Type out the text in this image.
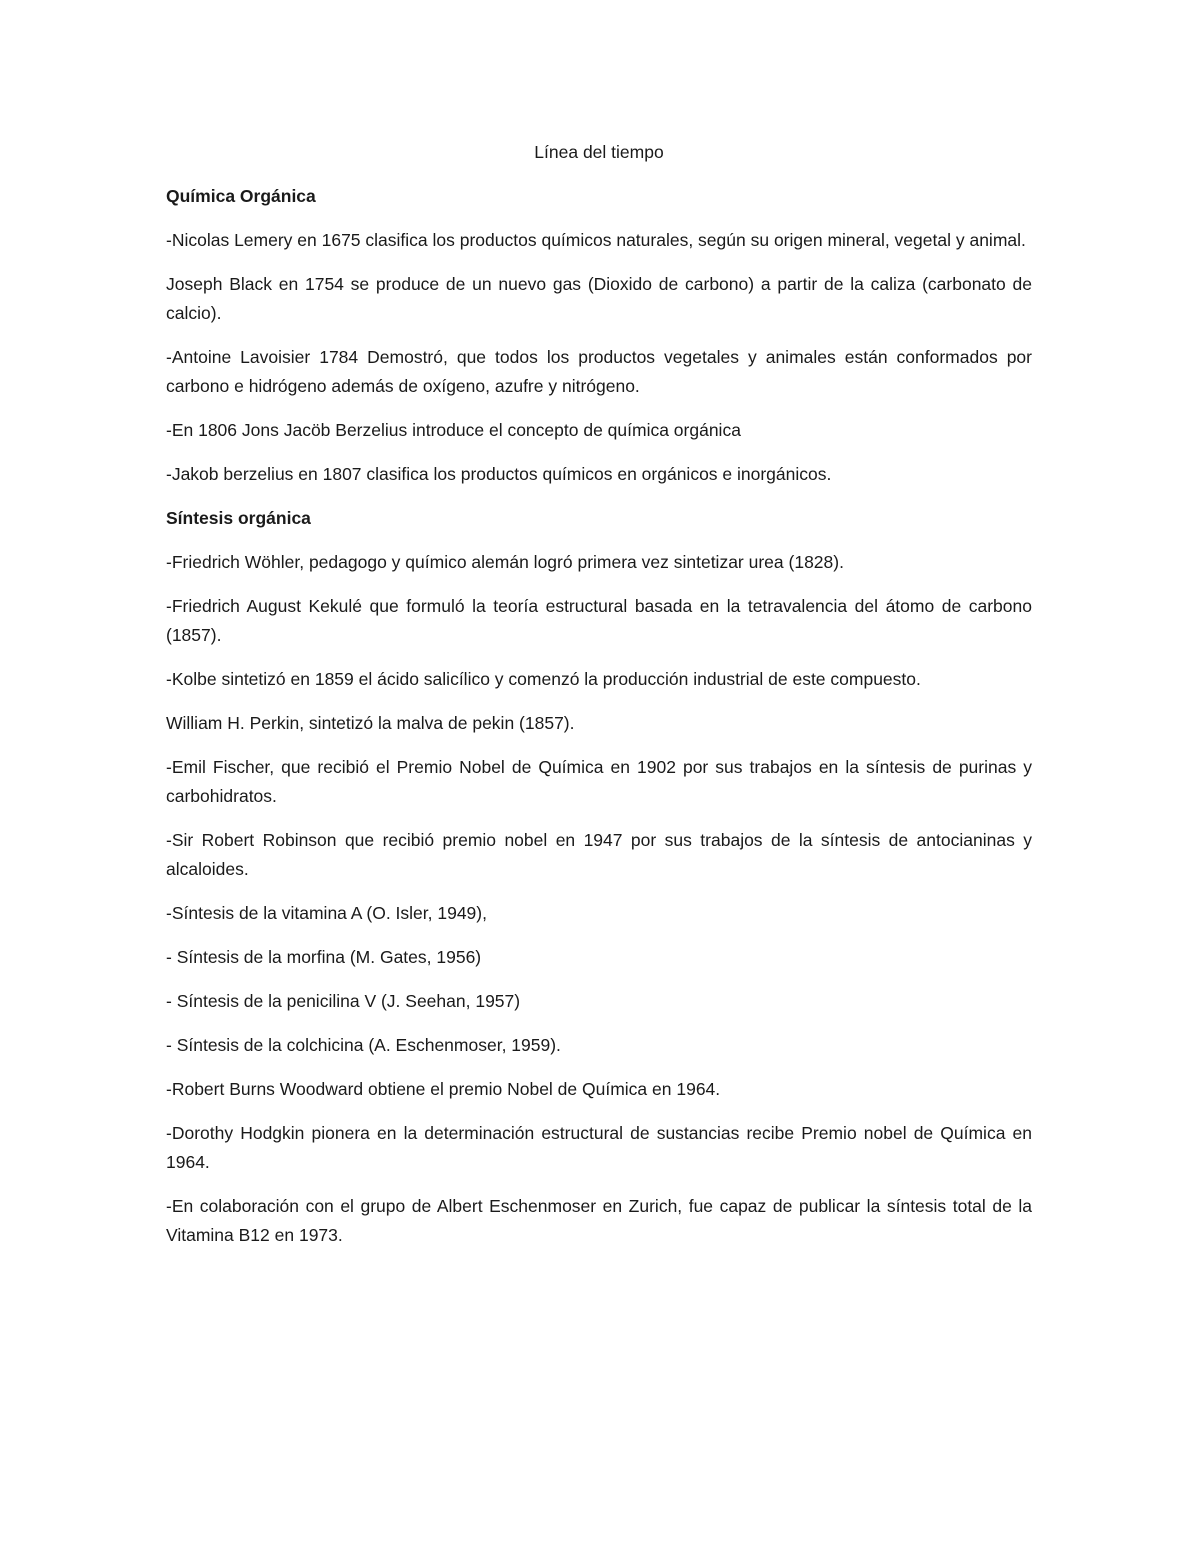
Línea del tiempo

Química Orgánica

-Nicolas Lemery en 1675 clasifica los productos químicos naturales, según su origen mineral, vegetal y animal.

Joseph Black en 1754 se produce de un nuevo gas (Dioxido de carbono) a partir de la caliza (carbonato de calcio).

-Antoine Lavoisier 1784 Demostró, que todos los productos vegetales y animales están conformados por carbono e hidrógeno además de oxígeno, azufre y nitrógeno.

-En 1806 Jons Jacöb Berzelius introduce el concepto de química orgánica

-Jakob berzelius en 1807 clasifica los productos químicos en orgánicos e inorgánicos.

Síntesis orgánica

-Friedrich Wöhler, pedagogo y químico alemán logró primera vez sintetizar urea (1828).

-Friedrich August Kekulé que formuló la teoría estructural basada en la tetravalencia del átomo de carbono (1857).

-Kolbe sintetizó en 1859 el ácido salicílico y comenzó la producción industrial de este compuesto.

William H. Perkin, sintetizó la malva de pekin (1857).

-Emil Fischer, que recibió el Premio Nobel de Química en 1902 por sus trabajos en la síntesis de purinas y carbohidratos.

-Sir Robert Robinson que recibió premio nobel en 1947 por sus trabajos de la síntesis de antocianinas y alcaloides.

-Síntesis de la vitamina A (O. Isler, 1949),

- Síntesis de la morfina (M. Gates, 1956)

- Síntesis de la penicilina V (J. Seehan, 1957)

- Síntesis de la colchicina (A. Eschenmoser, 1959).

-Robert Burns Woodward obtiene el premio Nobel de Química en 1964.

-Dorothy Hodgkin pionera en la determinación estructural de sustancias recibe Premio nobel de Química en 1964.

-En colaboración con el grupo de Albert Eschenmoser en Zurich, fue capaz de publicar la síntesis total de la Vitamina B12 en 1973.
